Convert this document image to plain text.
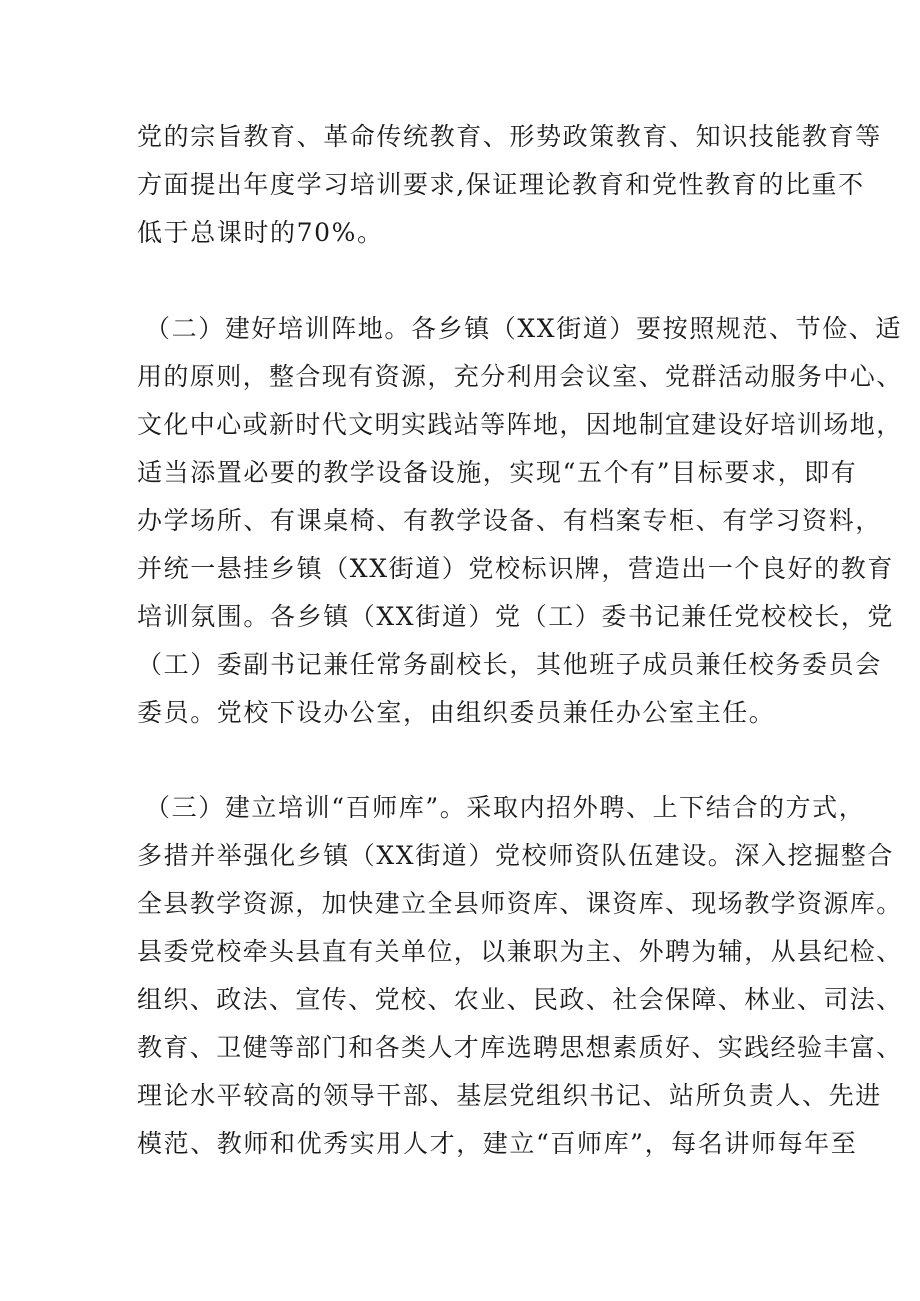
党的宗旨教育、革命传统教育、形势政策教育、知识技能教育等
方面提出年度学习培训要求,保证理论教育和党性教育的比重不
低于总课时的70%。
（二）建好培训阵地。各乡镇（XX街道）要按照规范、节俭、适
用的原则，整合现有资源，充分利用会议室、党群活动服务中心、
文化中心或新时代文明实践站等阵地，因地制宜建设好培训场地，
适当添置必要的教学设备设施，实现“五个有”目标要求，即有
办学场所、有课桌椅、有教学设备、有档案专柜、有学习资料，
并统一悬挂乡镇（XX街道）党校标识牌，营造出一个良好的教育
培训氛围。各乡镇（XX街道）党（工）委书记兼任党校校长，党
（工）委副书记兼任常务副校长，其他班子成员兼任校务委员会
委员。党校下设办公室，由组织委员兼任办公室主任。
（三）建立培训“百师库”。采取内招外聘、上下结合的方式，
多措并举强化乡镇（XX街道）党校师资队伍建设。深入挖掘整合
全县教学资源，加快建立全县师资库、课资库、现场教学资源库。
县委党校牵头县直有关单位，以兼职为主、外聘为辅，从县纪检、
组织、政法、宣传、党校、农业、民政、社会保障、林业、司法、
教育、卫健等部门和各类人才库选聘思想素质好、实践经验丰富、
理论水平较高的领导干部、基层党组织书记、站所负责人、先进
模范、教师和优秀实用人才，建立“百师库”，每名讲师每年至
